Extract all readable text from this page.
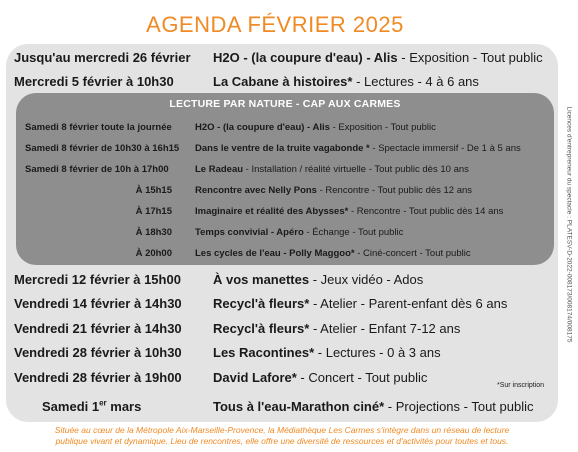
AGENDA FÉVRIER 2025
Jusqu'au mercredi 26 février H2O - (la coupure d'eau) - Alis - Exposition - Tout public
Mercredi 5 février à 10h30	La Cabane à histoires* - Lectures - 4 à 6 ans
LECTURE PAR NATURE - CAP AUX CARMES
Samedi 8 février toute la journée H2O - (la coupure d'eau) - Alis - Exposition - Tout public
Samedi 8 février de 10h30 à 16h15 Dans le ventre de la truite vagabonde * - Spectacle immersif - De 1 à 5 ans
Samedi 8 février de 10h à 17h00	Le Radeau - Installation / réalité virtuelle - Tout public dès 10 ans
À 15h15 Rencontre avec Nelly Pons - Rencontre - Tout public dès 12 ans
À 17h15 Imaginaire et réalité des Abysses* - Rencontre - Tout public dès 14 ans
À 18h30 Temps convivial - Apéro - Échange - Tout public
À 20h00 Les cycles de l'eau - Polly Maggoo* - Ciné-concert - Tout public
Mercredi 12 février à 15h00 À vos manettes - Jeux vidéo - Ados
Vendredi 14 février à 14h30 Recycl'à fleurs* - Atelier - Parent-enfant dès 6 ans
Vendredi 21 février à 14h30 Recycl'à fleurs* - Atelier - Enfant 7-12 ans
Vendredi 28 février à 10h30 Les Racontines* - Lectures - 0 à 3 ans
Vendredi 28 février à 19h00 David Lafore* - Concert - Tout public
*Sur inscription
Samedi 1er mars	Tous à l'eau-Marathon ciné* - Projections - Tout public
Licences d'entrepreneur du spectacle : PLATESV-D-2022-008173/008174/008175
Située au cœur de la Métropole Aix-Marseille-Provence, la Médiathèque Les Carmes s'intègre dans un réseau de lecture
publique vivant et dynamique. Lieu de rencontres, elle offre une diversité de ressources et d'activités pour toutes et tous.
